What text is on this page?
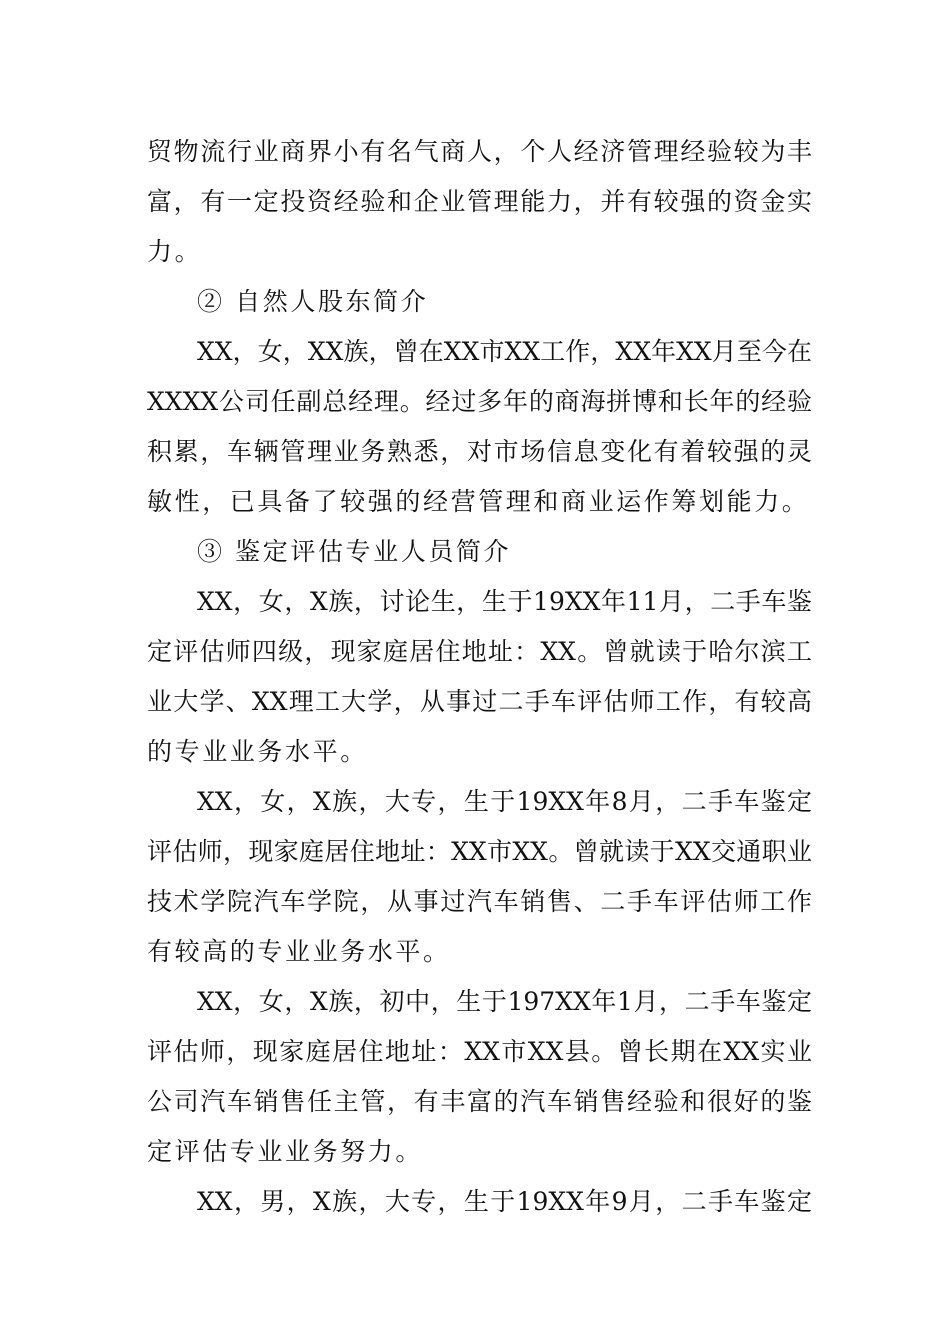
贸物流行业商界小有名气商人，个人经济管理经验较为丰
富，有一定投资经验和企业管理能力，并有较强的资金实
力。
② 自然人股东简介
XX，女，XX族，曾在XX市XX工作，XX年XX月至今在
XXXX公司任副总经理。经过多年的商海拼博和长年的经验
积累，车辆管理业务熟悉，对市场信息变化有着较强的灵
敏性，已具备了较强的经营管理和商业运作筹划能力。
③ 鉴定评估专业人员简介
XX，女，X族，讨论生，生于19XX年11月，二手车鉴
定评估师四级，现家庭居住地址：XX。曾就读于哈尔滨工
业大学、XX理工大学，从事过二手车评估师工作，有较高
的专业业务水平。
XX，女，X族，大专，生于19XX年8月，二手车鉴定
评估师，现家庭居住地址：XX市XX。曾就读于XX交通职业
技术学院汽车学院，从事过汽车销售、二手车评估师工作
有较高的专业业务水平。
XX，女，X族，初中，生于197XX年1月，二手车鉴定
评估师，现家庭居住地址：XX市XX县。曾长期在XX实业
公司汽车销售任主管，有丰富的汽车销售经验和很好的鉴
定评估专业业务努力。
XX，男，X族，大专，生于19XX年9月，二手车鉴定
